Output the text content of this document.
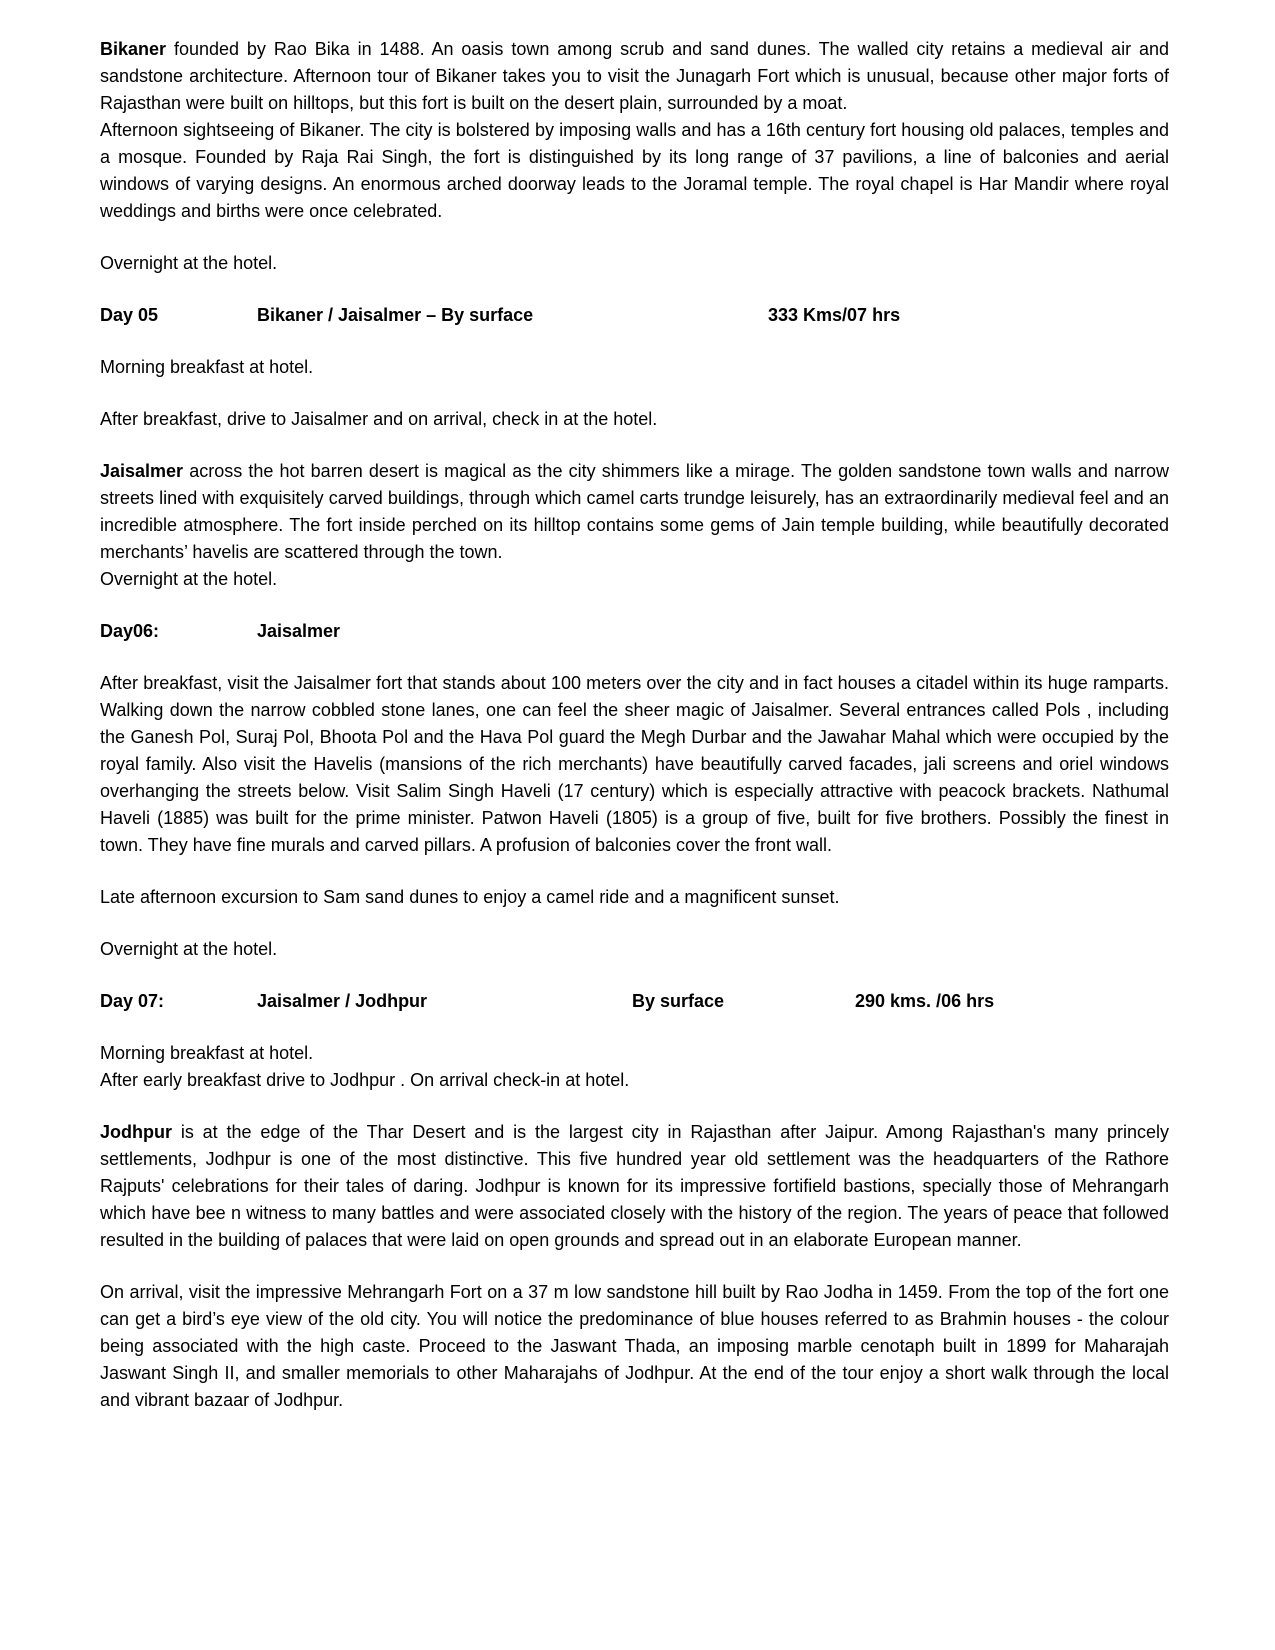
Bikaner founded by Rao Bika in 1488. An oasis town among scrub and sand dunes. The walled city retains a medieval air and sandstone architecture. Afternoon tour of Bikaner takes you to visit the Junagarh Fort which is unusual, because other major forts of Rajasthan were built on hilltops, but this fort is built on the desert plain, surrounded by a moat.

Afternoon sightseeing of Bikaner. The city is bolstered by imposing walls and has a 16th century fort housing old palaces, temples and a mosque. Founded by Raja Rai Singh, the fort is distinguished by its long range of 37 pavilions, a line of balconies and aerial windows of varying designs. An enormous arched doorway leads to the Joramal temple. The royal chapel is Har Mandir where royal weddings and births were once celebrated.

Overnight at the hotel.

Day 05	Bikaner / Jaisalmer – By surface	333 Kms/07 hrs

Morning breakfast at hotel.

After breakfast, drive to Jaisalmer and on arrival, check in at the hotel.

Jaisalmer across the hot barren desert is magical as the city shimmers like a mirage. The golden sandstone town walls and narrow streets lined with exquisitely carved buildings, through which camel carts trundge leisurely, has an extraordinarily medieval feel and an incredible atmosphere. The fort inside perched on its hilltop contains some gems of Jain temple building, while beautifully decorated merchants’ havelis are scattered through the town.

Overnight at the hotel.

Day06:	Jaisalmer

After breakfast, visit the Jaisalmer fort that stands about 100 meters over the city and in fact houses a citadel within its huge ramparts. Walking down the narrow cobbled stone lanes, one can feel the sheer magic of Jaisalmer. Several entrances called Pols , including the Ganesh Pol, Suraj Pol, Bhoota Pol and the Hava Pol guard the Megh Durbar and the Jawahar Mahal which were occupied by the royal family. Also visit the Havelis (mansions of the rich merchants) have beautifully carved facades, jali screens and oriel windows overhanging the streets below. Visit Salim Singh Haveli (17 century) which is especially attractive with peacock brackets. Nathumal Haveli (1885) was built for the prime minister. Patwon Haveli (1805) is a group of five, built for five brothers. Possibly the finest in town. They have fine murals and carved pillars. A profusion of balconies cover the front wall.

Late afternoon excursion to Sam sand dunes to enjoy a camel ride and a magnificent sunset.

Overnight at the hotel.

Day 07:	Jaisalmer / Jodhpur	By surface	290 kms. /06 hrs

Morning breakfast at hotel.

After early breakfast drive to Jodhpur . On arrival check-in at hotel.

Jodhpur is at the edge of the Thar Desert and is the largest city in Rajasthan after Jaipur. Among Rajasthan's many princely settlements, Jodhpur is one of the most distinctive. This five hundred year old settlement was the headquarters of the Rathore Rajputs' celebrations for their tales of daring. Jodhpur is known for its impressive fortifield bastions, specially those of Mehrangarh which have bee n witness to many battles and were associated closely with the history of the region. The years of peace that followed resulted in the building of palaces that were laid on open grounds and spread out in an elaborate European manner.

On arrival, visit the impressive Mehrangarh Fort on a 37 m low sandstone hill built by Rao Jodha in 1459. From the top of the fort one can get a bird’s eye view of the old city. You will notice the predominance of blue houses referred to as Brahmin houses - the colour being associated with the high caste. Proceed to the Jaswant Thada, an imposing marble cenotaph built in 1899 for Maharajah Jaswant Singh II, and smaller memorials to other Maharajahs of Jodhpur. At the end of the tour enjoy a short walk through the local and vibrant bazaar of Jodhpur.
